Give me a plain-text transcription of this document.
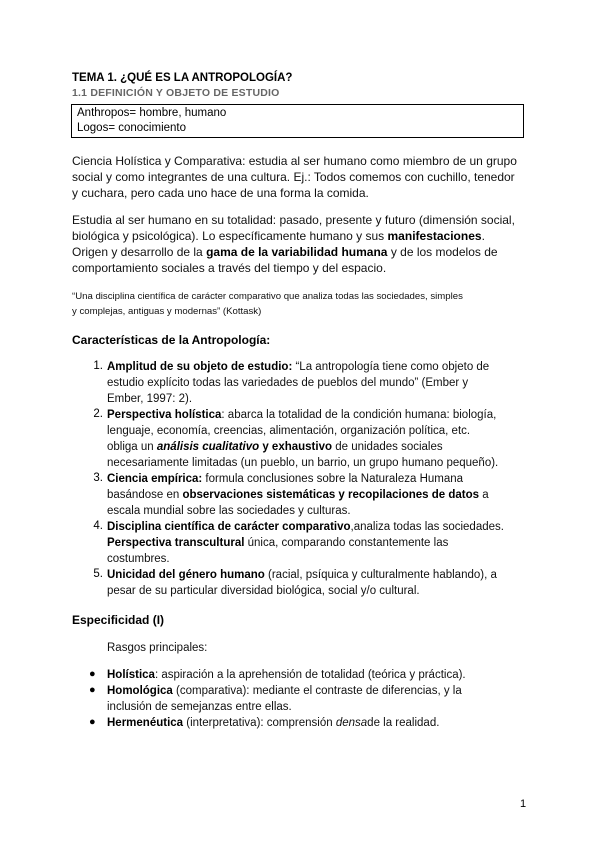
TEMA 1. ¿QUÉ ES LA ANTROPOLOGÍA?
1.1 DEFINICIÓN Y OBJETO DE ESTUDIO
Anthropos= hombre, humano
Logos= conocimiento
Ciencia Holística y Comparativa: estudia al ser humano como miembro de un grupo
social y como integrantes de una cultura. Ej.: Todos comemos con cuchillo, tenedor
y cuchara, pero cada uno hace de una forma la comida.
Estudia al ser humano en su totalidad: pasado, presente y futuro (dimensión social,
biológica y psicológica). Lo específicamente humano y sus manifestaciones.
Origen y desarrollo de la gama de la variabilidad humana y de los modelos de
comportamiento sociales a través del tiempo y del espacio.
“Una disciplina científica de carácter comparativo que analiza todas las sociedades, simples
y complejas, antiguas y modernas” (Kottask)
Características de la Antropología:
1. Amplitud de su objeto de estudio: “La antropología tiene como objeto de
estudio explícito todas las variedades de pueblos del mundo” (Ember y
Ember, 1997: 2).
2. Perspectiva holística: abarca la totalidad de la condición humana: biología,
lenguaje, economía, creencias, alimentación, organización política, etc.
obliga un análisis cualitativo y exhaustivo de unidades sociales
necesariamente limitadas (un pueblo, un barrio, un grupo humano pequeño).
3. Ciencia empírica: formula conclusiones sobre la Naturaleza Humana
basándose en observaciones sistemáticas y recopilaciones de datos a
escala mundial sobre las sociedades y culturas.
4. Disciplina científica de carácter comparativo,analiza todas las sociedades.
Perspectiva transcultural única, comparando constantemente las
costumbres.
5. Unicidad del género humano (racial, psíquica y culturalmente hablando), a
pesar de su particular diversidad biológica, social y/o cultural.
Especificidad (I)
Rasgos principales:
● Holística: aspiración a la aprehensión de totalidad (teórica y práctica).
● Homológica (comparativa): mediante el contraste de diferencias, y la
inclusión de semejanzas entre ellas.
● Hermenéutica (interpretativa): comprensión densade la realidad.
1
